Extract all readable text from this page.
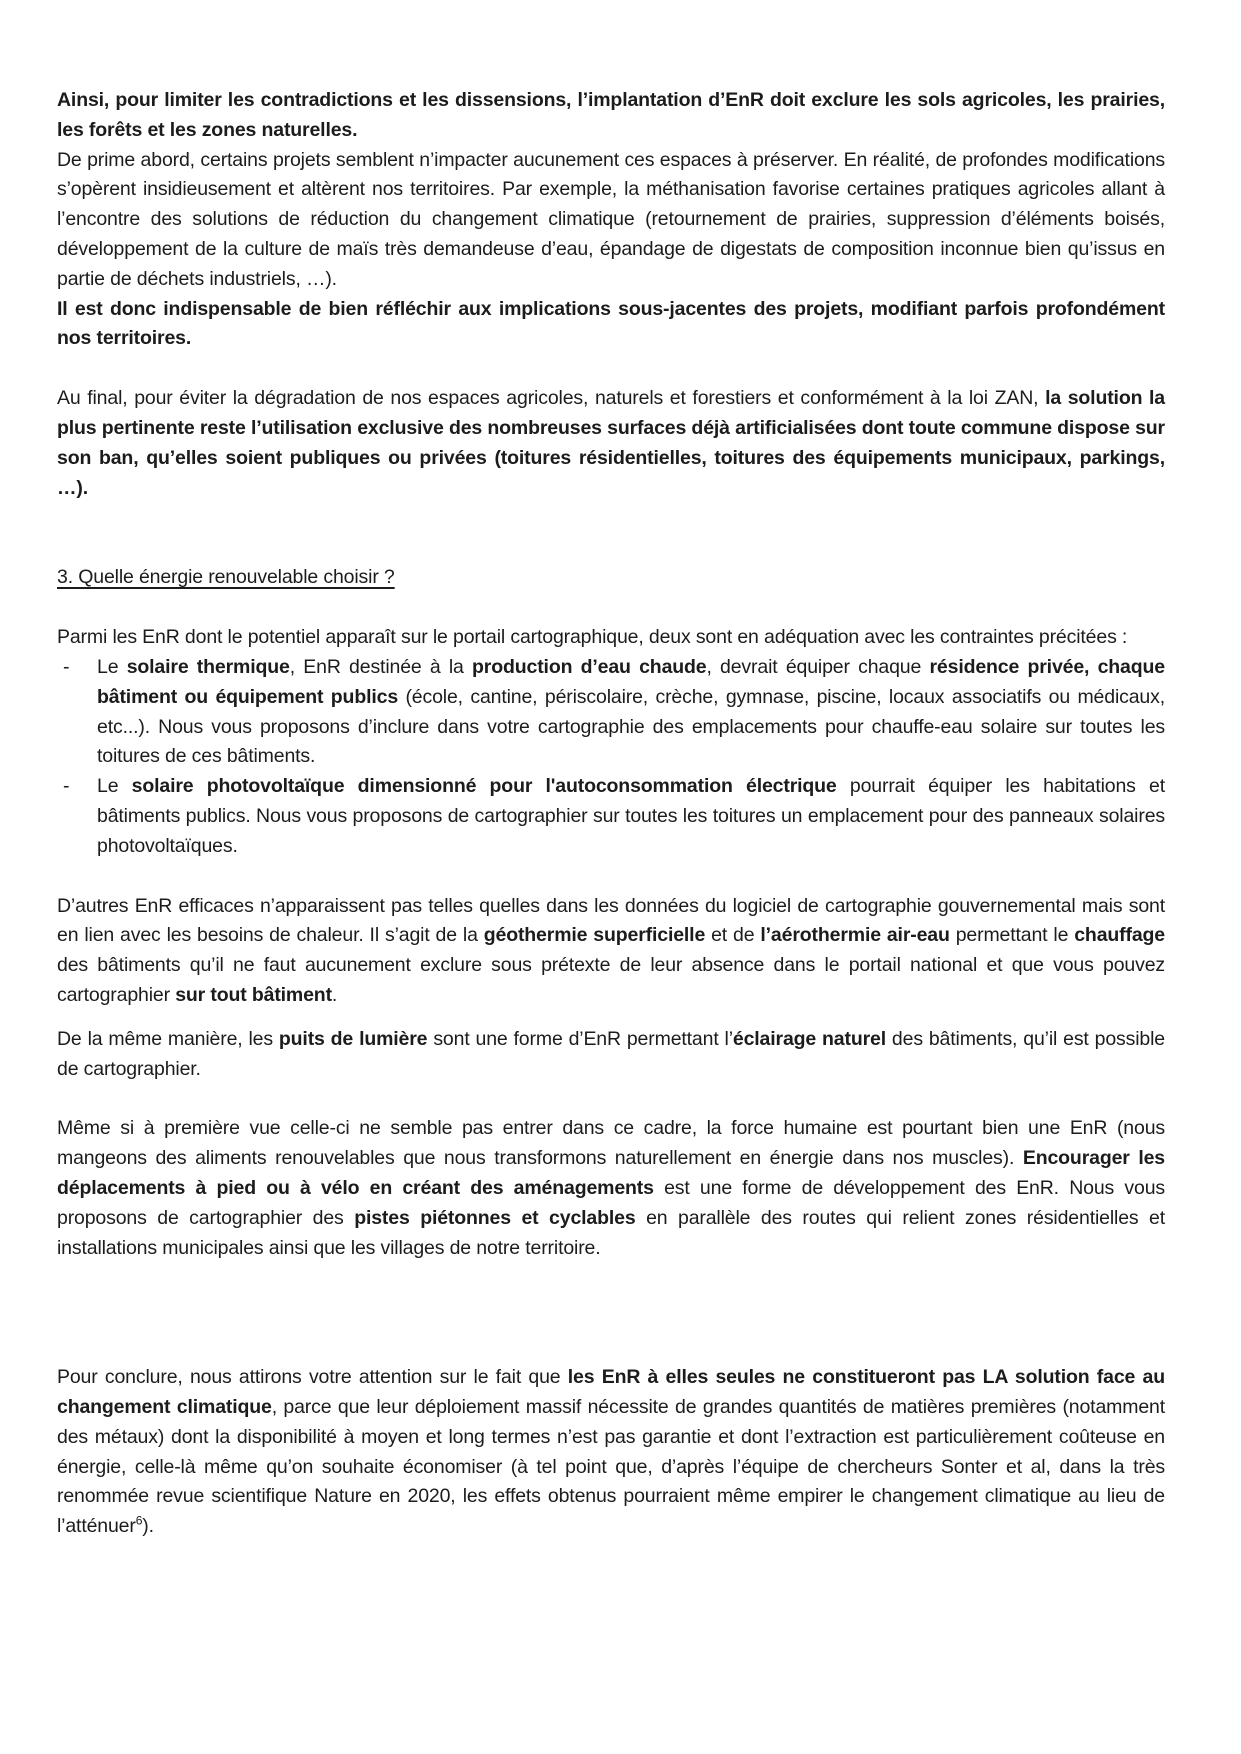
Ainsi, pour limiter les contradictions et les dissensions, l’implantation d’EnR doit exclure les sols agricoles, les prairies, les forêts et les zones naturelles.
De prime abord, certains projets semblent n’impacter aucunement ces espaces à préserver. En réalité, de profondes modifications s’opèrent insidieusement et altèrent nos territoires. Par exemple, la méthanisation favorise certaines pratiques agricoles allant à l’encontre des solutions de réduction du changement climatique (retournement de prairies, suppression d’éléments boisés, développement de la culture de maïs très demandeuse d’eau, épandage de digestats de composition inconnue bien qu’issus en partie de déchets industriels, …).
Il est donc indispensable de bien réfléchir aux implications sous-jacentes des projets, modifiant parfois profondément nos territoires.
Au final, pour éviter la dégradation de nos espaces agricoles, naturels et forestiers et conformément à la loi ZAN, la solution la plus pertinente reste l’utilisation exclusive des nombreuses surfaces déjà artificialisées dont toute commune dispose sur son ban, qu’elles soient publiques ou privées (toitures résidentielles, toitures des équipements municipaux, parkings, …).
3. Quelle énergie renouvelable choisir ?
Parmi les EnR dont le potentiel apparaît sur le portail cartographique, deux sont en adéquation avec les contraintes précitées :
- Le solaire thermique, EnR destinée à la production d’eau chaude, devrait équiper chaque résidence privée, chaque bâtiment ou équipement publics (école, cantine, périscolaire, crèche, gymnase, piscine, locaux associatifs ou médicaux, etc...). Nous vous proposons d’inclure dans votre cartographie des emplacements pour chauffe-eau solaire sur toutes les toitures de ces bâtiments.
- Le solaire photovoltaïque dimensionné pour l'autoconsommation électrique pourrait équiper les habitations et bâtiments publics. Nous vous proposons de cartographier sur toutes les toitures un emplacement pour des panneaux solaires photovoltaïques.
D’autres EnR efficaces n’apparaissent pas telles quelles dans les données du logiciel de cartographie gouvernemental mais sont en lien avec les besoins de chaleur. Il s’agit de la géothermie superficielle et de l’aérothermie air-eau permettant le chauffage des bâtiments qu’il ne faut aucunement exclure sous prétexte de leur absence dans le portail national et que vous pouvez cartographier sur tout bâtiment.
De la même manière, les puits de lumière sont une forme d’EnR permettant l’éclairage naturel des bâtiments, qu’il est possible de cartographier.
Même si à première vue celle-ci ne semble pas entrer dans ce cadre, la force humaine est pourtant bien une EnR (nous mangeons des aliments renouvelables que nous transformons naturellement en énergie dans nos muscles). Encourager les déplacements à pied ou à vélo en créant des aménagements est une forme de développement des EnR. Nous vous proposons de cartographier des pistes piétonnes et cyclables en parallèle des routes qui relient zones résidentielles et installations municipales ainsi que les villages de notre territoire.
Pour conclure, nous attirons votre attention sur le fait que les EnR à elles seules ne constitueront pas LA solution face au changement climatique, parce que leur déploiement massif nécessite de grandes quantités de matières premières (notamment des métaux) dont la disponibilité à moyen et long termes n’est pas garantie et dont l’extraction est particulièrement coûteuse en énergie, celle-là même qu’on souhaite économiser (à tel point que, d’après l’équipe de chercheurs Sonter et al, dans la très renommée revue scientifique Nature en 2020, les effets obtenus pourraient même empirer le changement climatique au lieu de l’atténuer$^6$).
